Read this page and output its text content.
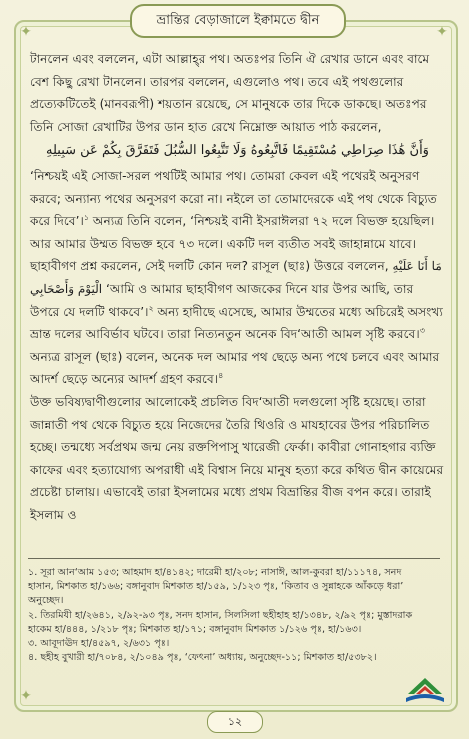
✦	✦
✦
ভ্রান্তির বেড়াজালে ইক্বামতে দ্বীন

টানলেন এবং বললেন, এটা আল্লাহ্‌র পথ। অতঃপর তিনি ঐ রেখার ডানে এবং বামে বেশ কিছু রেখা টানলেন। তারপর বললেন, এগুলোও পথ। তবে এই পথগুলোর প্রত্যেকটিতেই (মানবরূপী) শয়তান রয়েছে, সে মানুষকে তার দিকে ডাকছে। অতঃপর তিনি সোজা রেখাটির উপর ডান হাত রেখে নিম্নোক্ত আয়াত পাঠ করলেন,

وَأَنَّ هَٰذَا صِرَاطِي مُسْتَقِيمًا فَاتَّبِعُوهُ وَلَا تَتَّبِعُوا السُّبُلَ فَتَفَرَّقَ بِكُمْ عَن سَبِيلِهِ

‘নিশ্চয়ই এই সোজা-সরল পথটিই আমার পথ। তোমরা কেবল এই পথেরই অনুসরণ করবে; অন্যান্য পথের অনুসরণ করো না। নইলে তা তোমাদেরকে এই পথ থেকে বিচ্যুত করে দিবে’।$^১$ অন্যত্র তিনি বলেন, ‘নিশ্চয়ই বানী ইসরাঈলরা ৭২ দলে বিভক্ত হয়েছিল। আর আমার উম্মত বিভক্ত হবে ৭৩ দলে। একটি দল ব্যতীত সবই জাহান্নামে যাবে। ছাহাবীগণ প্রশ্ন করলেন, সেই দলটি কোন দল? রাসূল (ছাঃ) উত্তরে বললেন, مَا أَنَا عَلَيْهِ الْيَوْمَ وَأَصْحَابِي ‘আমি ও আমার ছাহাবীগণ আজকের দিনে যার উপর আছি, তার উপরে যে দলটি থাকবে’।$^২$ অন্য হাদীছে এসেছে, আমার উম্মতের মধ্যে অচিরেই অসংখ্য ভ্রান্ত দলের আবির্ভাব ঘটবে। তারা নিত্যনতুন অনেক বিদ‘আতী আমল সৃষ্টি করবে।$^৩$ অন্যত্র রাসূল (ছাঃ) বলেন, অনেক দল আমার পথ ছেড়ে অন্য পথে চলবে এবং আমার আদর্শ ছেড়ে অন্যের আদর্শ গ্রহণ করবে।$^৪$

উক্ত ভবিষ্যদ্বাণীগুলোর আলোকেই প্রচলিত বিদ‘আতী দলগুলো সৃষ্টি হয়েছে। তারা জান্নাতী পথ থেকে বিচ্যুত হয়ে নিজেদের তৈরি থিওরি ও মাযহাবের উপর পরিচালিত হচ্ছে। তন্মধ্যে সর্বপ্রথম জন্ম নেয় রক্তপিপাসু খারেজী ফের্কা। কাবীরা গোনাহগার ব্যক্তি কাফের এবং হত্যাযোগ্য অপরাধী এই বিশ্বাস নিয়ে মানুষ হত্যা করে কথিত দ্বীন কায়েমের প্রচেষ্টা চালায়। এভাবেই তারা ইসলামের মধ্যে প্রথম বিভ্রান্তির বীজ বপন করে। তারাই ইসলাম ও

১. সূরা আন‘আম ১৫৩; আহমাদ হা/৪১৪২; দারেমী হা/২০৮; নাসাঈ, আল-কুবরা হা/১১১৭৪, সনদ হাসান, মিশকাত হা/১৬৬; বঙ্গানুবাদ মিশকাত হা/১৫৯, ১/১২৩ পৃঃ, ‘কিতাব ও সুন্নাহকে আঁকড়ে ধরা’ অনুচ্ছেদ।

২. তিরমিযী হা/২৬৪১, ২/৯২-৯৩ পৃঃ, সনদ হাসান, সিলসিলা ছহীহাহ হা/১৩৪৮, ২/৯২ পৃঃ; মুস্তাদরাক হাকেম হা/৪৪৪, ১/২১৮ পৃঃ; মিশকাত হা/১৭১; বঙ্গানুবাদ মিশকাত ১/১২৬ পৃঃ, হা/১৬৩।

৩. আবূদাঊদ হা/৪৫৯৭, ২/৬৩১ পৃঃ।

৪. ছহীহ বুখারী হা/৭০৮৪, ২/১০৪৯ পৃঃ, ‘ফেৎনা’ অধ্যায়, অনুচ্ছেদ-১১; মিশকাত হা/৫৩৮২।

১২
